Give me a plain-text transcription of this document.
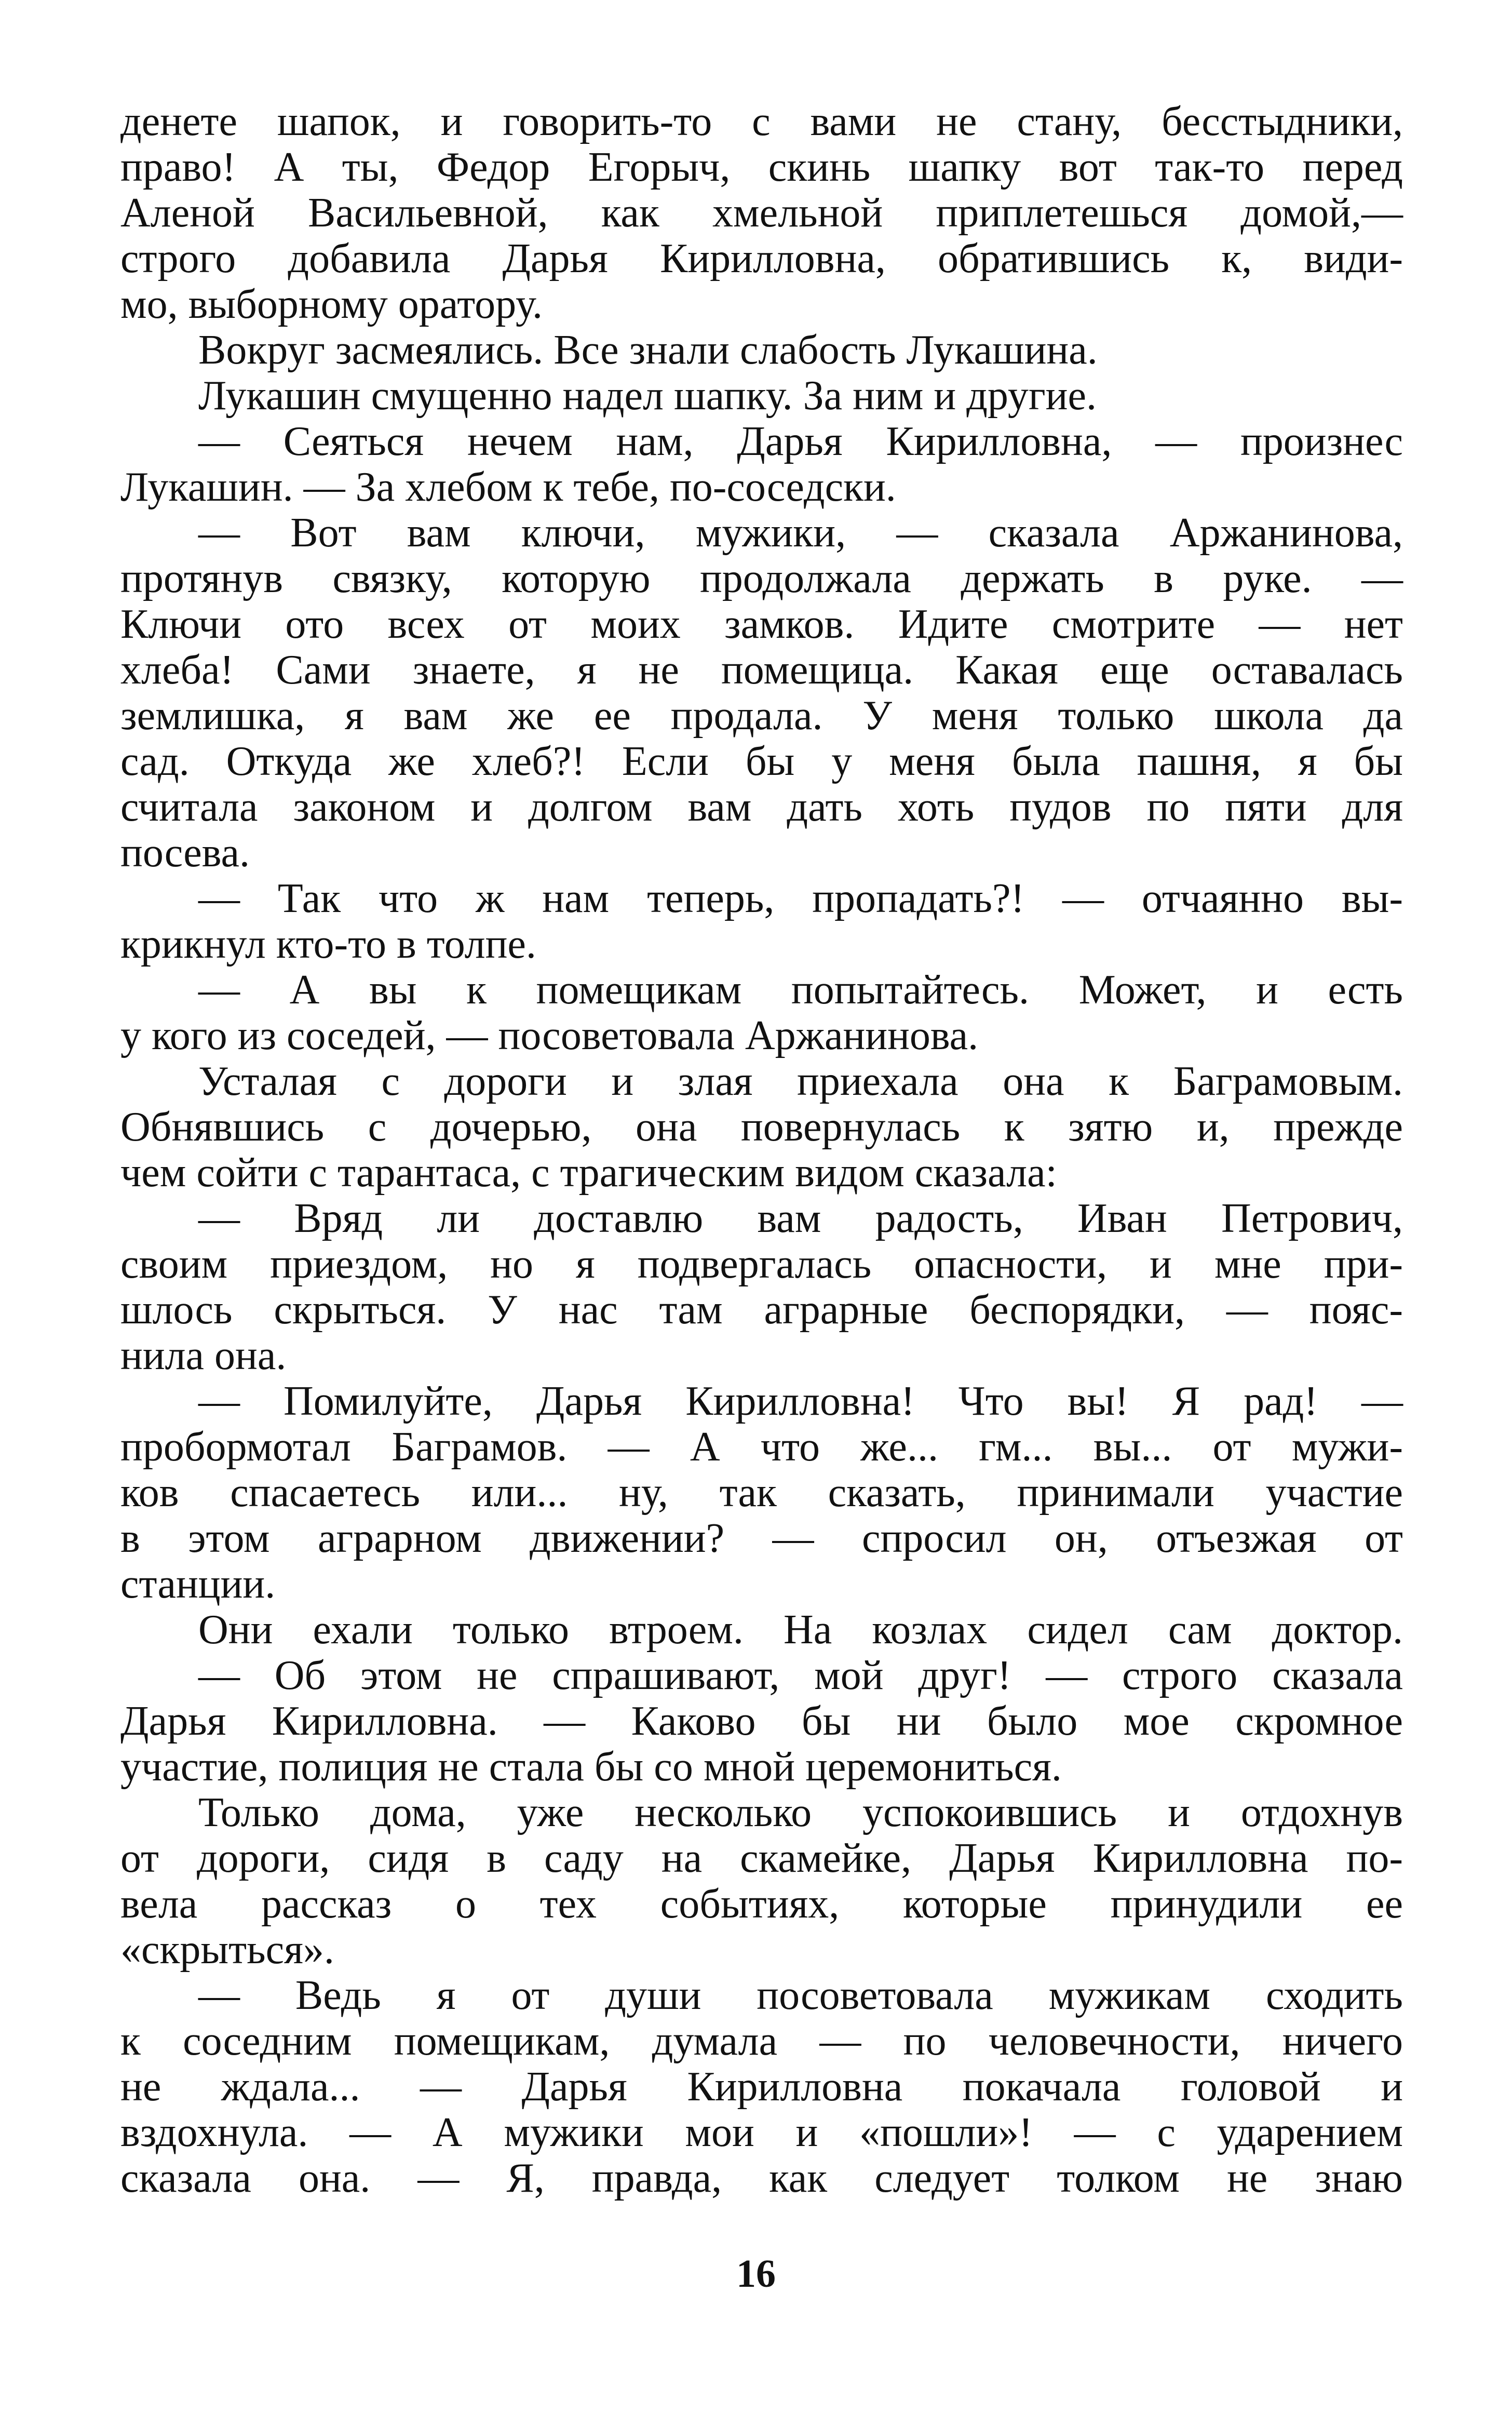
денете шапок, и говорить-то с вами не стану, бесстыдники,
право! А ты, Федор Егорыч, скинь шапку вот так-то перед
Аленой Васильевной, как хмельной приплетешься домой,—
строго добавила Дарья Кирилловна, обратившись к, види-
мо, выборному оратору.
Вокруг засмеялись. Все знали слабость Лукашина.
Лукашин смущенно надел шапку. За ним и другие.
— Сеяться нечем нам, Дарья Кирилловна, — произнес
Лукашин. — За хлебом к тебе, по-соседски.
— Вот вам ключи, мужики, — сказала Аржанинова,
протянув связку, которую продолжала держать в руке. —
Ключи ото всех от моих замков. Идите смотрите — нет
хлеба! Сами знаете, я не помещица. Какая еще оставалась
землишка, я вам же ее продала. У меня только школа да
сад. Откуда же хлеб?! Если бы у меня была пашня, я бы
считала законом и долгом вам дать хоть пудов по пяти для
посева.
— Так что ж нам теперь, пропадать?! — отчаянно вы-
крикнул кто-то в толпе.
— А вы к помещикам попытайтесь. Может, и есть
у кого из соседей, — посоветовала Аржанинова.
Усталая с дороги и злая приехала она к Баграмовым.
Обнявшись с дочерью, она повернулась к зятю и, прежде
чем сойти с тарантаса, с трагическим видом сказала:
— Вряд ли доставлю вам радость, Иван Петрович,
своим приездом, но я подвергалась опасности, и мне при-
шлось скрыться. У нас там аграрные беспорядки, — пояс-
нила она.
— Помилуйте, Дарья Кирилловна! Что вы! Я рад! —
пробормотал Баграмов. — А что же... гм... вы... от мужи-
ков спасаетесь или... ну, так сказать, принимали участие
в этом аграрном движении? — спросил он, отъезжая от
станции.
Они ехали только втроем. На козлах сидел сам доктор.
— Об этом не спрашивают, мой друг! — строго сказала
Дарья Кирилловна. — Каково бы ни было мое скромное
участие, полиция не стала бы со мной церемониться.
Только дома, уже несколько успокоившись и отдохнув
от дороги, сидя в саду на скамейке, Дарья Кирилловна по-
вела рассказ о тех событиях, которые принудили ее
«скрыться».
— Ведь я от души посоветовала мужикам сходить
к соседним помещикам, думала — по человечности, ничего
не ждала... — Дарья Кирилловна покачала головой и
вздохнула. — А мужики мои и «пошли»! — с ударением
сказала она. — Я, правда, как следует толком не знаю
16
